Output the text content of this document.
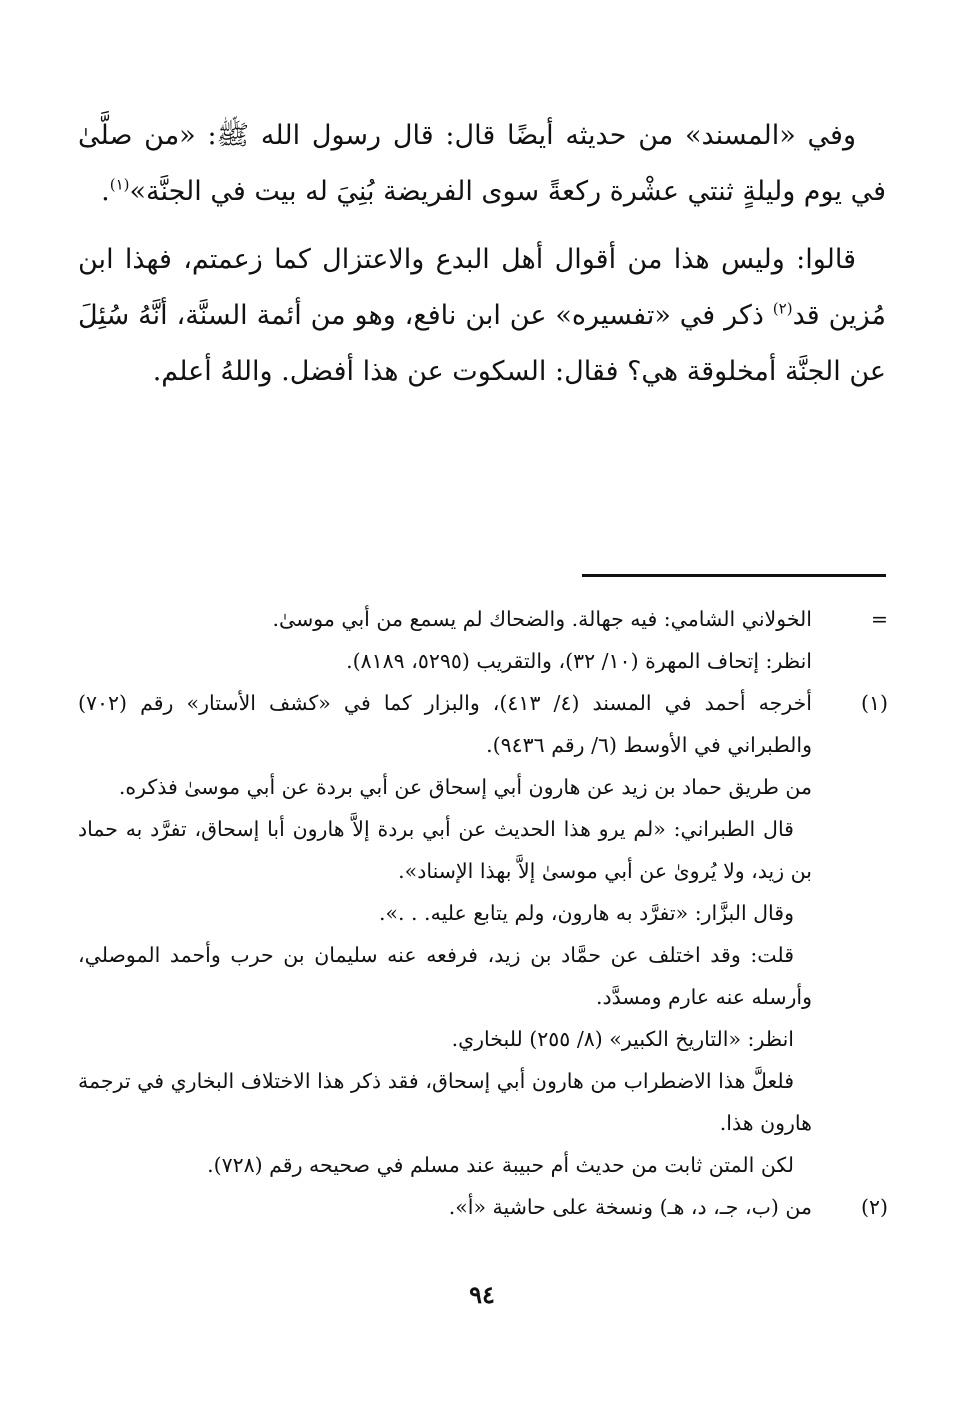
وفي «المسند» من حديثه أيضًا قال: قال رسول الله ﷺ: «من صلَّىٰ في يوم وليلةٍ ثنتي عشْرة ركعةً سوى الفريضة بُنِيَ له بيت في الجنَّة»$^{(١)}$.

قالوا: وليس هذا من أقوال أهل البدع والاعتزال كما زعمتم، فهذا ابن مُزين قد$^{(٢)}$ ذكر في «تفسيره» عن ابن نافع، وهو من أئمة السنَّة، أنَّهُ سُئِلَ عن الجنَّة أمخلوقة هي؟ فقال: السكوت عن هذا أفضل. واللهُ أعلم.

=
الخولاني الشامي: فيه جهالة. والضحاك لم يسمع من أبي موسىٰ.
انظر: إتحاف المهرة (١٠/ ٣٢)، والتقريب (٥٢٩٥، ٨١٨٩).
(١)
أخرجه أحمد في المسند (٤/ ٤١٣)، والبزار كما في «كشف الأستار» رقم (٧٠٢) والطبراني في الأوسط (٦/ رقم ٩٤٣٦).
من طريق حماد بن زيد عن هارون أبي إسحاق عن أبي بردة عن أبي موسىٰ فذكره.
قال الطبراني: «لم يرو هذا الحديث عن أبي بردة إلاَّ هارون أبا إسحاق، تفرَّد به حماد بن زيد، ولا يُروىٰ عن أبي موسىٰ إلاَّ بهذا الإسناد».
وقال البزَّار: «تفرَّد به هارون، ولم يتابع عليه. . .».
قلت: وقد اختلف عن حمَّاد بن زيد، فرفعه عنه سليمان بن حرب وأحمد الموصلي، وأرسله عنه عارم ومسدَّد.
انظر: «التاريخ الكبير» (٨/ ٢٥٥) للبخاري.
فلعلَّ هذا الاضطراب من هارون أبي إسحاق، فقد ذكر هذا الاختلاف البخاري في ترجمة هارون هذا.
لكن المتن ثابت من حديث أم حبيبة عند مسلم في صحيحه رقم (٧٢٨).
(٢)
من (ب، جـ، د، هـ) ونسخة على حاشية «أ».
٩٤
